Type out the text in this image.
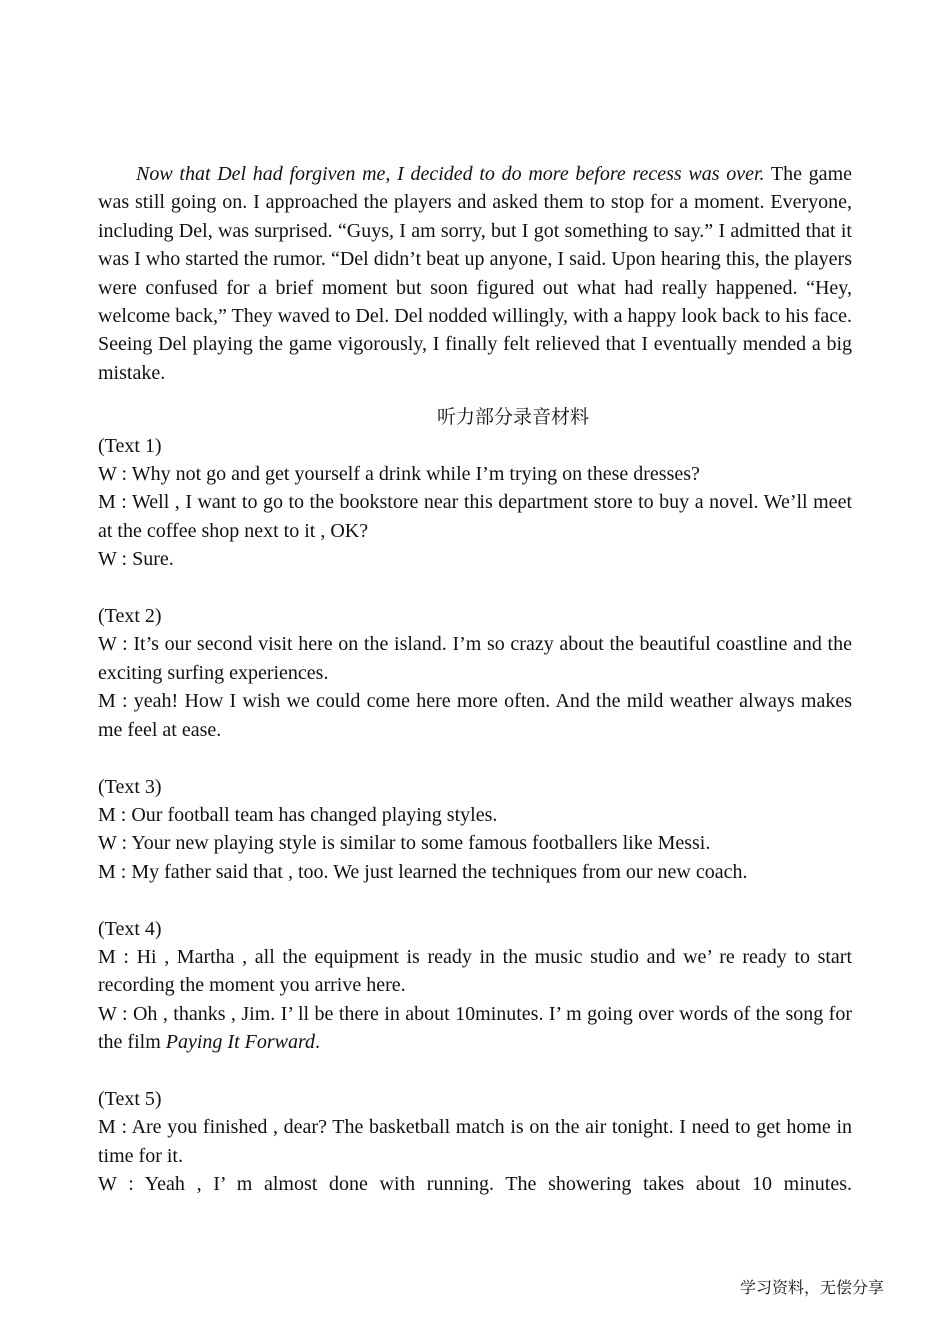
Now that Del had forgiven me, I decided to do more before recess was over. The game was still going on. I approached the players and asked them to stop for a moment. Everyone, including Del, was surprised. “Guys, I am sorry, but I got something to say.” I admitted that it was I who started the rumor. “Del didn’t beat up anyone, I said. Upon hearing this, the players were confused for a brief moment but soon figured out what had really happened. “Hey, welcome back,” They waved to Del. Del nodded willingly, with a happy look back to his face. Seeing Del playing the game vigorously, I finally felt relieved that I eventually mended a big mistake.

听力部分录音材料

(Text 1)

W : Why not go and get yourself a drink while I’m trying on these dresses?

M : Well , I want to go to the bookstore near this department store to buy a novel. We’ll meet at the coffee shop next to it , OK?

W : Sure.

(Text 2)

W : It’s our second visit here on the island. I’m so crazy about the beautiful coastline and the exciting surfing experiences.

M : yeah! How I wish we could come here more often. And the mild weather always makes me feel at ease.

(Text 3)

M : Our football team has changed playing styles.

W : Your new playing style is similar to some famous footballers like Messi.

M : My father said that , too. We just learned the techniques from our new coach.

(Text 4)

M : Hi , Martha , all the equipment is ready in the music studio and we’ re ready to start recording the moment you arrive here.

W : Oh , thanks , Jim. I’ ll be there in about 10minutes. I’ m going over words of the song for the film Paying It Forward.

(Text 5)

M : Are you finished , dear? The basketball match is on the air tonight. I need to get home in time for it.

W : Yeah , I’ m almost done with running. The showering takes about 10 minutes.

学习资料，无偿分享
